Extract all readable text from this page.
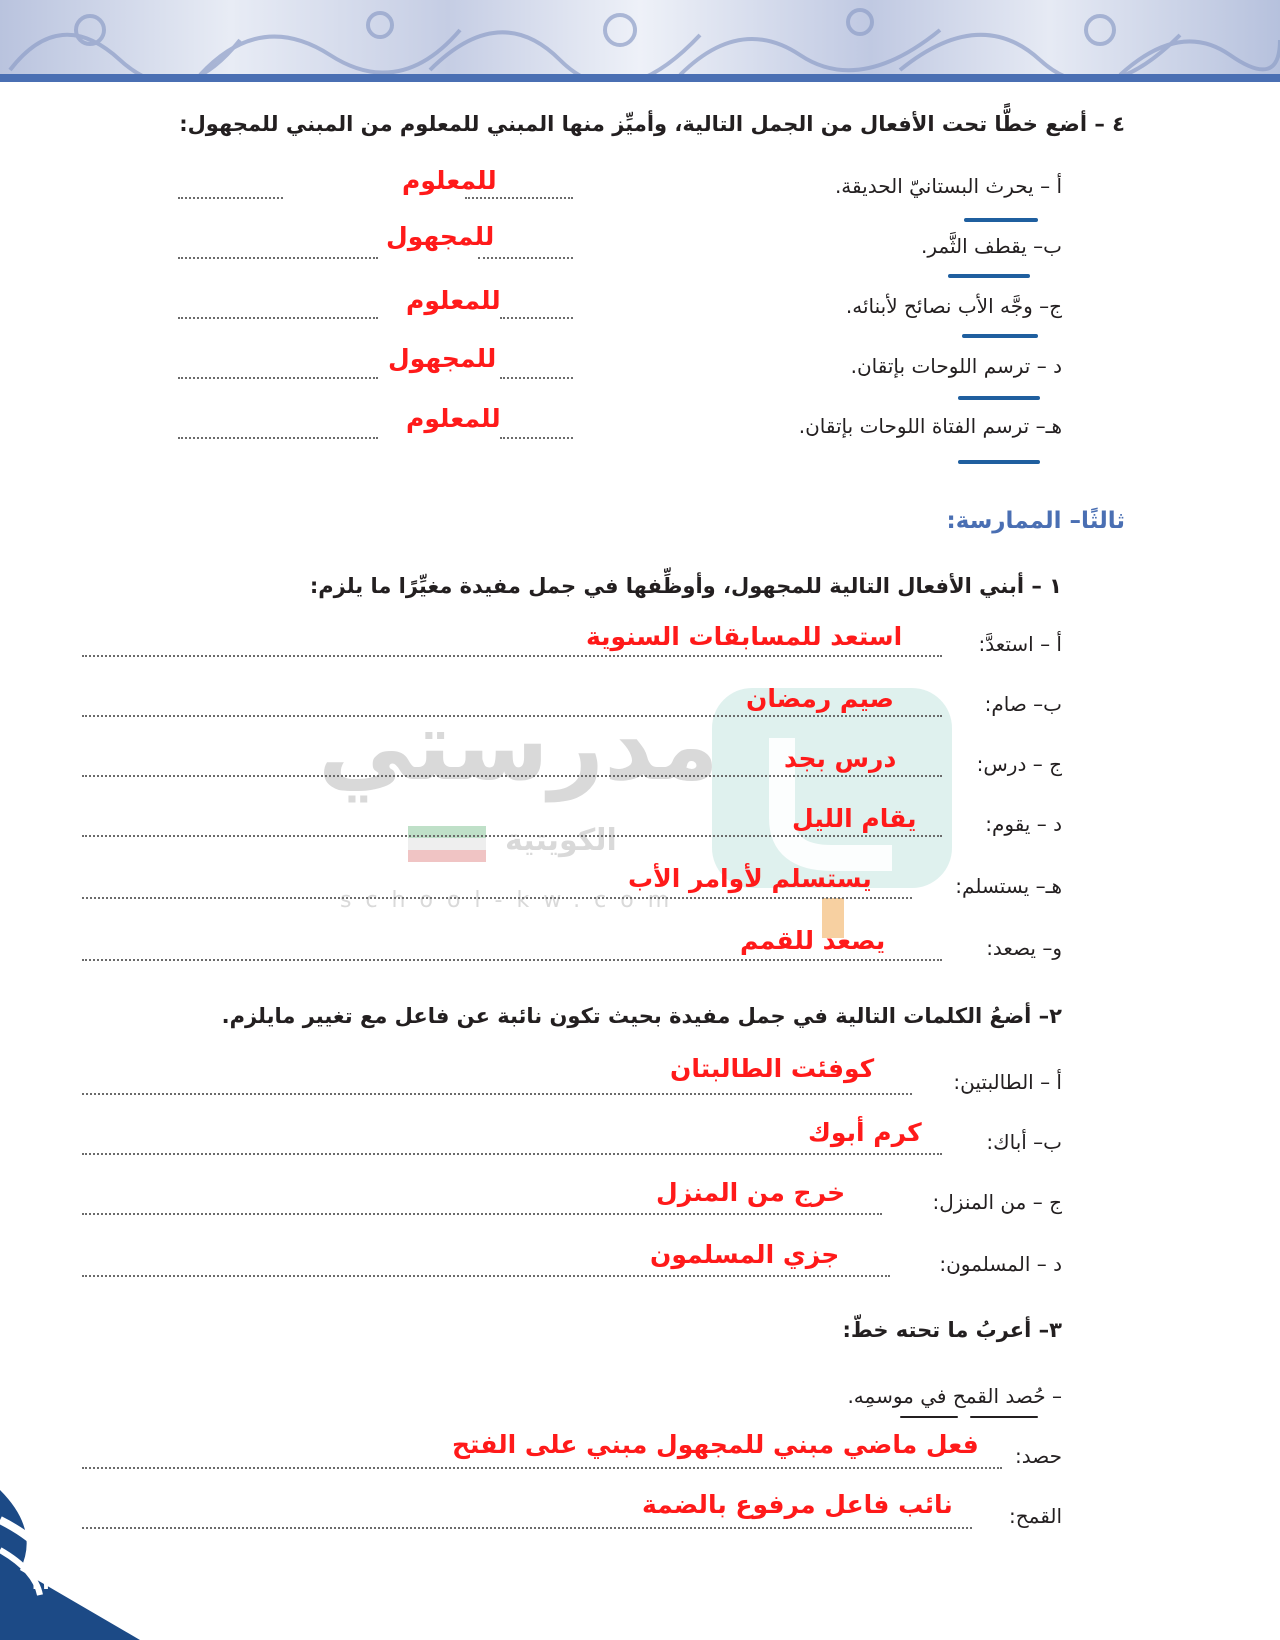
مدرستي
الكويتية
school-kw.com
٤ – أضع خطًّا تحت الأفعال من الجمل التالية، وأميِّز منها المبني للمعلوم من المبني للمجهول:
أ – يحرث البستانيّ الحديقة.
للمعلوم
ب– يقطف الثَّمر.
للمجهول
ج– وجَّه الأب نصائح لأبنائه.
للمعلوم
د – ترسم اللوحات بإتقان.
للمجهول
هـ– ترسم الفتاة اللوحات بإتقان.
للمعلوم
ثالثًا– الممارسة:
١ – أبني الأفعال التالية للمجهول، وأوظِّفها في جمل مفيدة مغيِّرًا ما يلزم:
أ – استعدَّ:
استعد للمسابقات السنوية
ب– صام:
صيم رمضان
ج – درس:
درس بجد
د – يقوم:
يقام الليل
هـ– يستسلم:
يستسلم لأوامر الأب
و– يصعد:
يصعد للقمم
٢– أضعُ الكلمات التالية في جمل مفيدة بحيث تكون نائبة عن فاعل مع تغيير مايلزم.
أ – الطالبتين:
كوفئت الطالبتان
ب– أباك:
كرم أبوك
ج – من المنزل:
خرج من المنزل
د – المسلمون:
جزي المسلمون
٣– أعربُ ما تحته خطّ:
– حُصد القمح في موسمِه.
حصد:
فعل ماضي مبني للمجهول مبني على الفتح
القمح:
نائب فاعل مرفوع بالضمة
١٣٥
